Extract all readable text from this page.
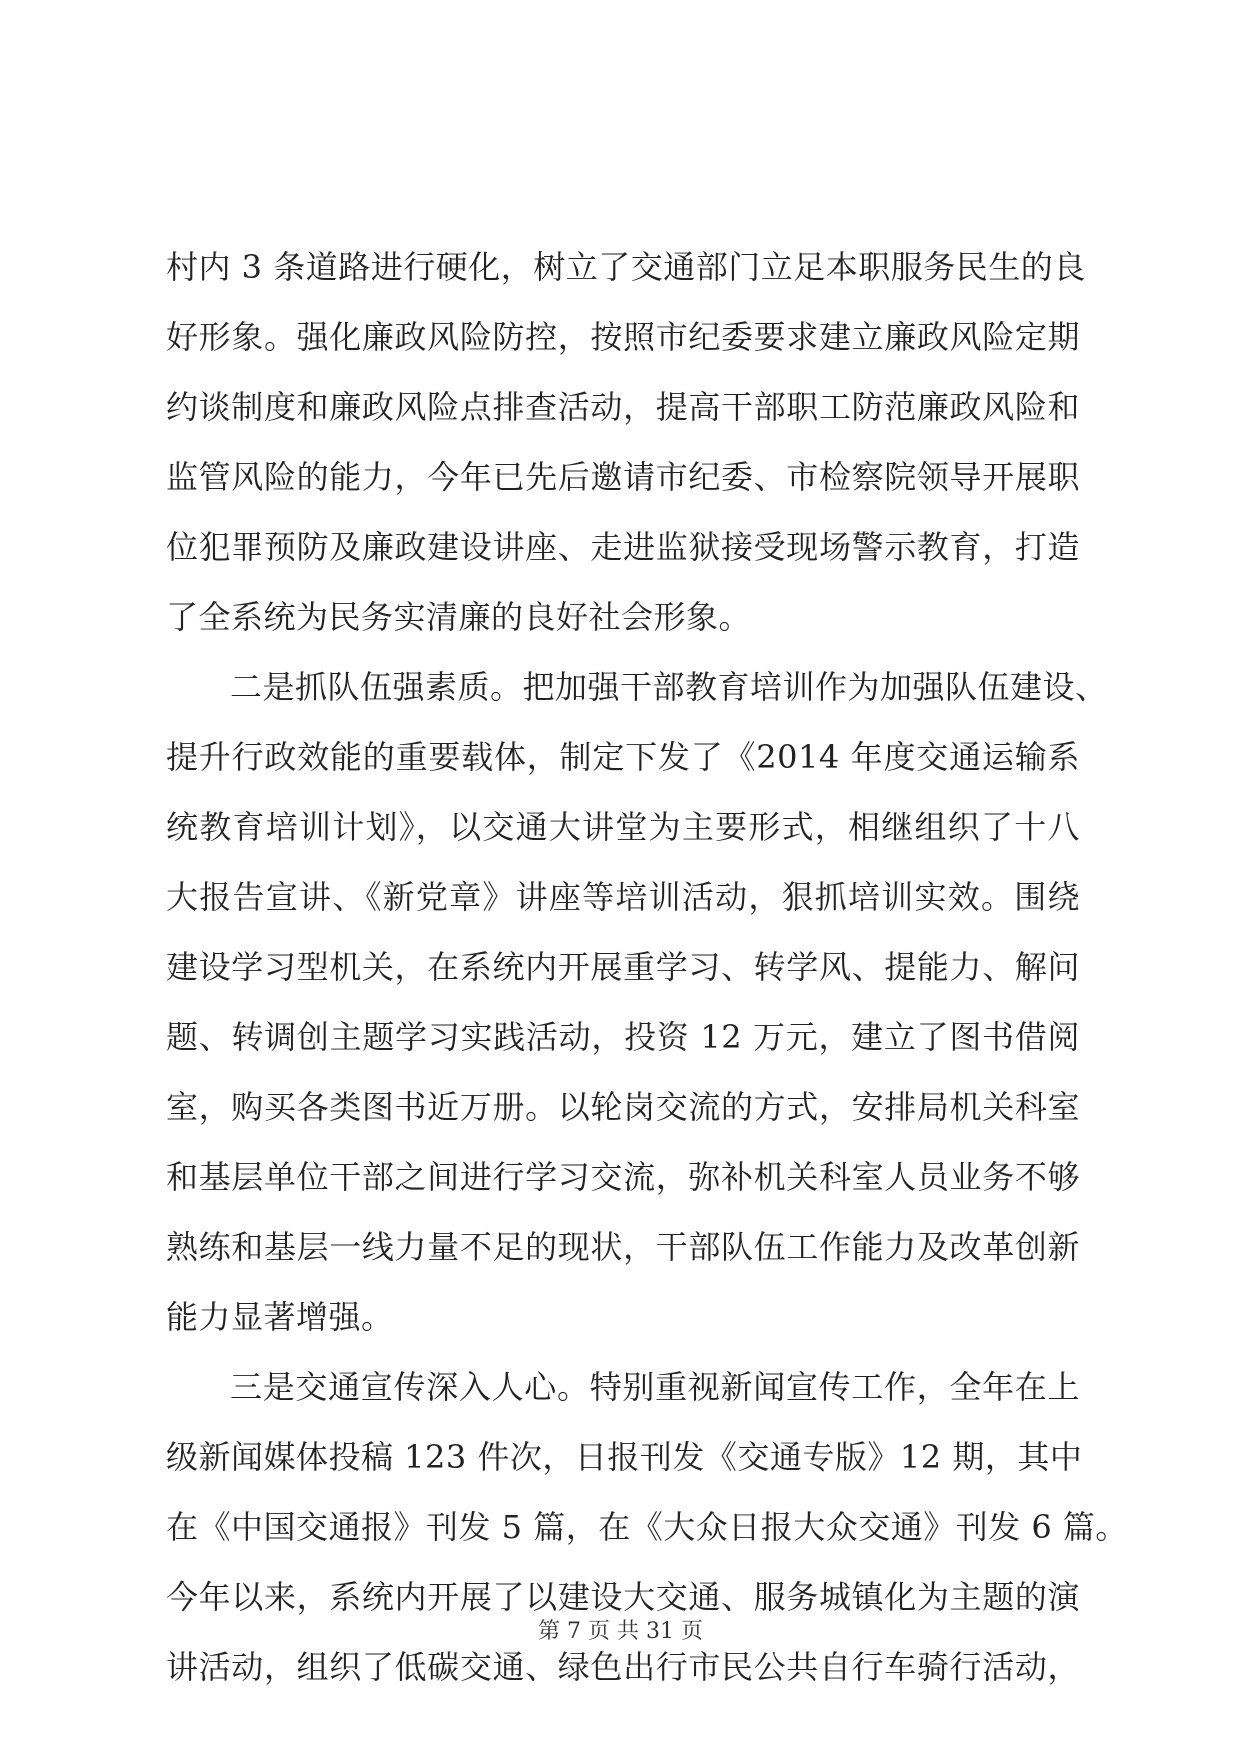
村内 3 条道路进行硬化，树立了交通部门立足本职服务民生的良
好形象。强化廉政风险防控，按照市纪委要求建立廉政风险定期
约谈制度和廉政风险点排查活动，提高干部职工防范廉政风险和
监管风险的能力，今年已先后邀请市纪委、市检察院领导开展职
位犯罪预防及廉政建设讲座、走进监狱接受现场警示教育，打造
了全系统为民务实清廉的良好社会形象。
二是抓队伍强素质。把加强干部教育培训作为加强队伍建设、
提升行政效能的重要载体，制定下发了《2014 年度交通运输系
统教育培训计划》，以交通大讲堂为主要形式，相继组织了十八
大报告宣讲、《新党章》讲座等培训活动，狠抓培训实效。围绕
建设学习型机关，在系统内开展重学习、转学风、提能力、解问
题、转调创主题学习实践活动，投资 12 万元，建立了图书借阅
室，购买各类图书近万册。以轮岗交流的方式，安排局机关科室
和基层单位干部之间进行学习交流，弥补机关科室人员业务不够
熟练和基层一线力量不足的现状，干部队伍工作能力及改革创新
能力显著增强。
三是交通宣传深入人心。特别重视新闻宣传工作，全年在上
级新闻媒体投稿 123 件次，日报刊发《交通专版》12 期，其中
在《中国交通报》刊发 5 篇，在《大众日报大众交通》刊发 6 篇。
今年以来，系统内开展了以建设大交通、服务城镇化为主题的演
讲活动，组织了低碳交通、绿色出行市民公共自行车骑行活动，
第 7 页 共 31 页
